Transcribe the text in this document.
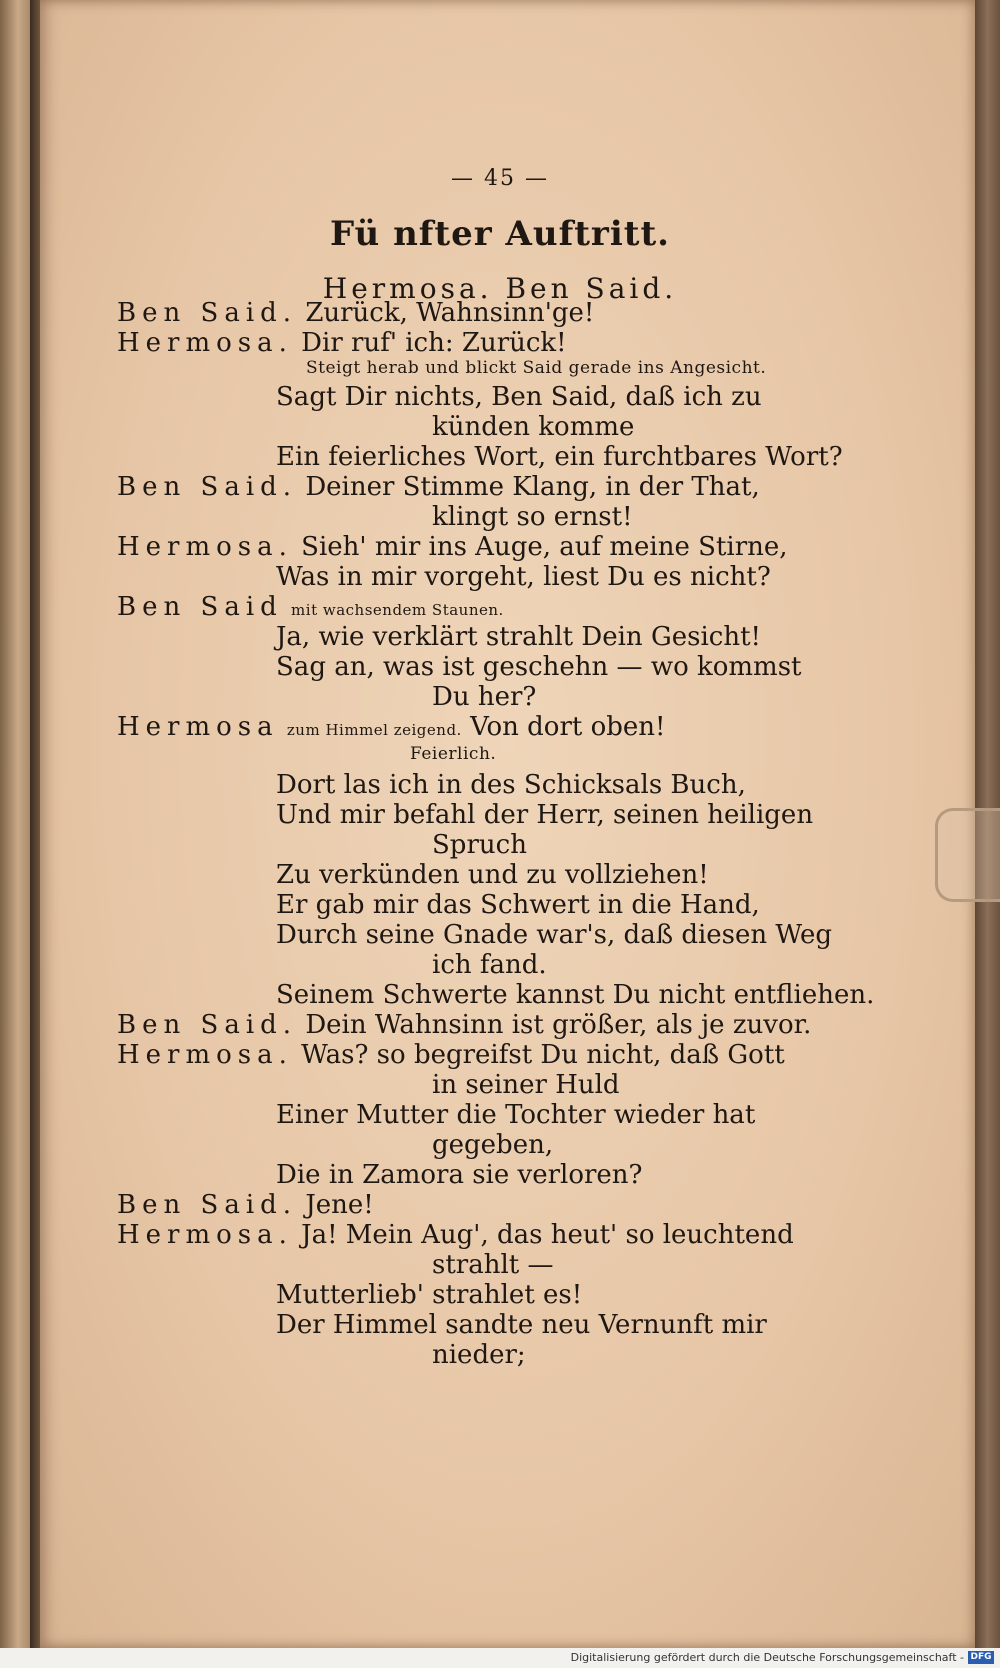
— 45 —
Fü nfter Auftritt.
Hermosa. Ben Said.
Ben Said. Zurück, Wahnsinn'ge!
Hermosa. Dir ruf' ich: Zurück!
Steigt herab und blickt Said gerade ins Angesicht.
Sagt Dir nichts, Ben Said, daß ich zu
künden komme
Ein feierliches Wort, ein furchtbares Wort?
Ben Said. Deiner Stimme Klang, in der That,
klingt so ernst!
Hermosa. Sieh' mir ins Auge, auf meine Stirne,
Was in mir vorgeht, liest Du es nicht?
Ben Said mit wachsendem Staunen.
Ja, wie verklärt strahlt Dein Gesicht!
Sag an, was ist geschehn — wo kommst
Du her?
Hermosa zum Himmel zeigend. Von dort oben!
Feierlich.
Dort las ich in des Schicksals Buch,
Und mir befahl der Herr, seinen heiligen
Spruch
Zu verkünden und zu vollziehen!
Er gab mir das Schwert in die Hand,
Durch seine Gnade war's, daß diesen Weg
ich fand.
Seinem Schwerte kannst Du nicht entfliehen.
Ben Said. Dein Wahnsinn ist größer, als je zuvor.
Hermosa. Was? so begreifst Du nicht, daß Gott
in seiner Huld
Einer Mutter die Tochter wieder hat
gegeben,
Die in Zamora sie verloren?
Ben Said. Jene!
Hermosa. Ja! Mein Aug', das heut' so leuchtend
strahlt —
Mutterlieb' strahlet es!
Der Himmel sandte neu Vernunft mir
nieder;
Digitalisierung gefördert durch die Deutsche Forschungsgemeinschaft - DFG
